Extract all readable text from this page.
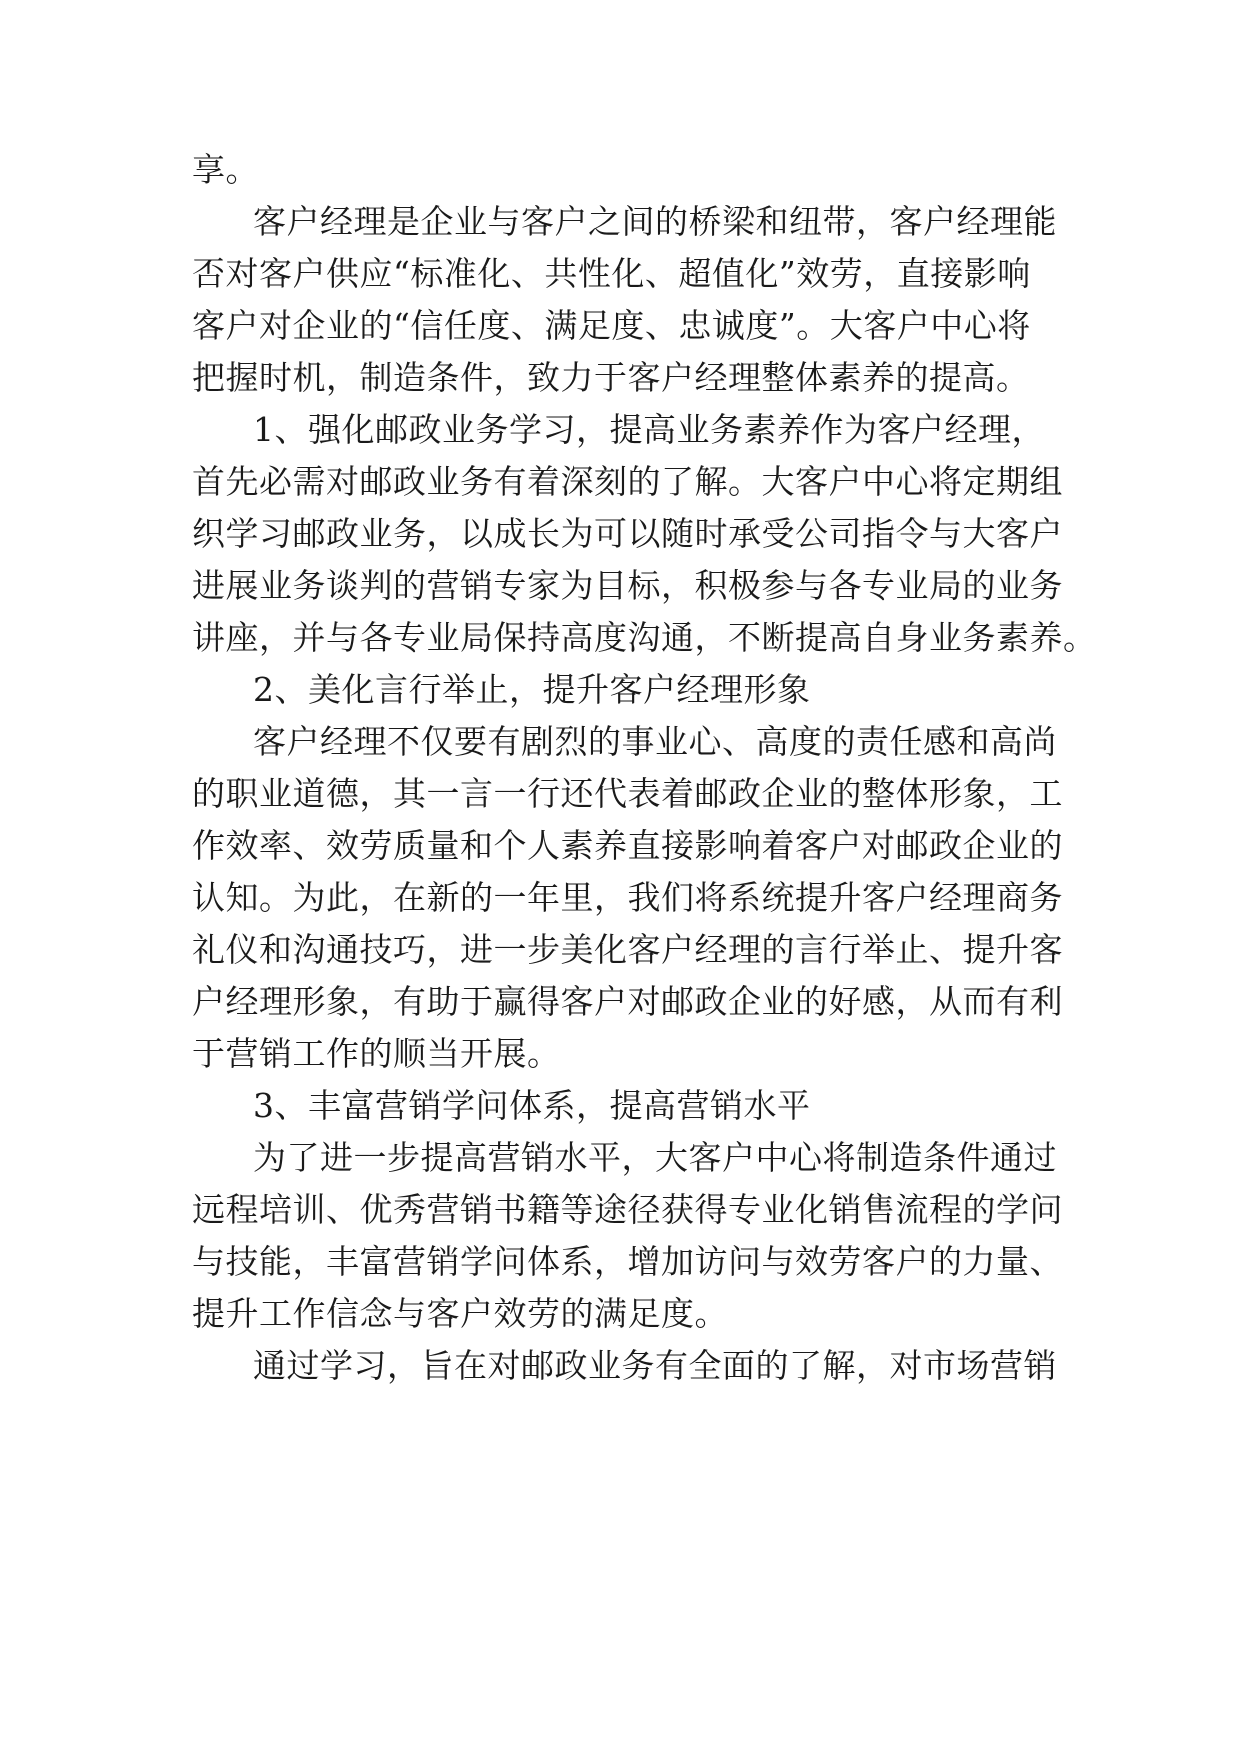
享。
客户经理是企业与客户之间的桥梁和纽带，客户经理能
否对客户供应“标准化、共性化、超值化”效劳，直接影响
客户对企业的“信任度、满足度、忠诚度”。大客户中心将
把握时机，制造条件，致力于客户经理整体素养的提高。
1、强化邮政业务学习，提高业务素养作为客户经理，
首先必需对邮政业务有着深刻的了解。大客户中心将定期组
织学习邮政业务，以成长为可以随时承受公司指令与大客户
进展业务谈判的营销专家为目标，积极参与各专业局的业务
讲座，并与各专业局保持高度沟通，不断提高自身业务素养。
2、美化言行举止，提升客户经理形象
客户经理不仅要有剧烈的事业心、高度的责任感和高尚
的职业道德，其一言一行还代表着邮政企业的整体形象，工
作效率、效劳质量和个人素养直接影响着客户对邮政企业的
认知。为此，在新的一年里，我们将系统提升客户经理商务
礼仪和沟通技巧，进一步美化客户经理的言行举止、提升客
户经理形象，有助于赢得客户对邮政企业的好感，从而有利
于营销工作的顺当开展。
3、丰富营销学问体系，提高营销水平
为了进一步提高营销水平，大客户中心将制造条件通过
远程培训、优秀营销书籍等途径获得专业化销售流程的学问
与技能，丰富营销学问体系，增加访问与效劳客户的力量、
提升工作信念与客户效劳的满足度。
通过学习，旨在对邮政业务有全面的了解，对市场营销
